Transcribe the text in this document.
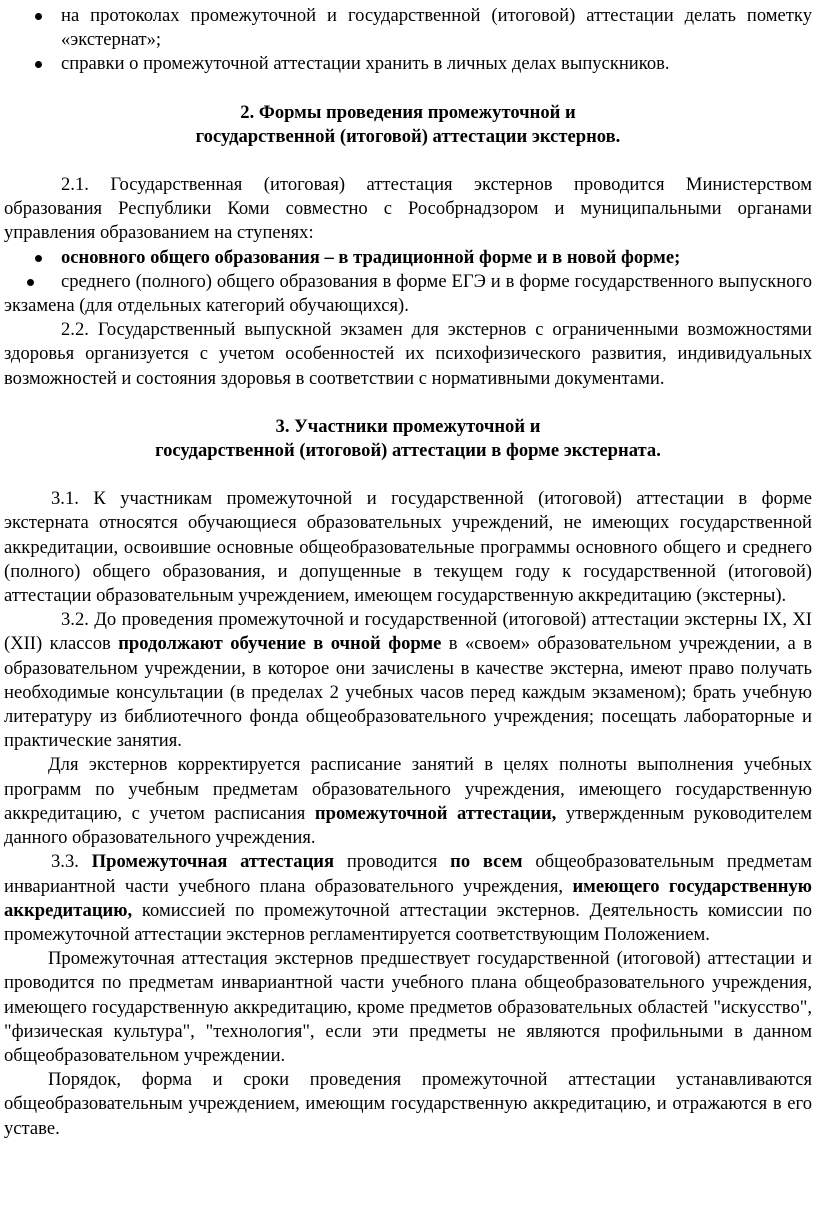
на протоколах промежуточной и государственной (итоговой) аттестации делать пометку «экстернат»;
справки о промежуточной аттестации хранить в личных делах выпускников.

2. Формы проведения промежуточной и

государственной (итоговой) аттестации экстернов.

2.1. Государственная (итоговая) аттестация экстернов проводится Министерством образования Республики Коми совместно с Рособрнадзором и муниципальными органами управления образованием на ступенях:

основного общего образования – в традиционной форме и в новой форме;
среднего (полного) общего образования в форме ЕГЭ и в форме государственного выпускного экзамена (для отдельных категорий обучающихся).

2.2. Государственный выпускной экзамен для экстернов с ограниченными возможностями здоровья организуется с учетом особенностей их психофизического развития, индивидуальных возможностей и состояния здоровья в соответствии с нормативными документами.

3. Участники промежуточной и

государственной (итоговой) аттестации в форме экстерната.

3.1. К участникам промежуточной и государственной (итоговой) аттестации в форме экстерната относятся обучающиеся образовательных учреждений, не имеющих государственной аккредитации, освоившие основные общеобразовательные программы основного общего и среднего (полного) общего образования, и допущенные в текущем году к государственной (итоговой) аттестации образовательным учреждением, имеющем государственную аккредитацию (экстерны).

3.2. До проведения промежуточной и государственной (итоговой) аттестации экстерны IX, XI (XII) классов продолжают обучение в очной форме в «своем» образовательном учреждении, а в образовательном учреждении, в которое они зачислены в качестве экстерна, имеют право получать необходимые консультации (в пределах 2 учебных часов перед каждым экзаменом); брать учебную литературу из библиотечного фонда общеобразовательного учреждения; посещать лабораторные и практические занятия.

Для экстернов корректируется расписание занятий в целях полноты выполнения учебных программ по учебным предметам образовательного учреждения, имеющего государственную аккредитацию, с учетом расписания промежуточной аттестации, утвержденным руководителем данного образовательного учреждения.

3.3. Промежуточная аттестация проводится по всем общеобразовательным предметам инвариантной части учебного плана образовательного учреждения, имеющего государственную аккредитацию, комиссией по промежуточной аттестации экстернов. Деятельность комиссии по промежуточной аттестации экстернов регламентируется соответствующим Положением.

Промежуточная аттестация экстернов предшествует государственной (итоговой) аттестации и проводится по предметам инвариантной части учебного плана общеобразовательного учреждения, имеющего государственную аккредитацию, кроме предметов образовательных областей "искусство", "физическая культура", "технология", если эти предметы не являются профильными в данном общеобразовательном учреждении.

Порядок, форма и сроки проведения промежуточной аттестации устанавливаются общеобразовательным учреждением, имеющим государственную аккредитацию, и отражаются в его уставе.
